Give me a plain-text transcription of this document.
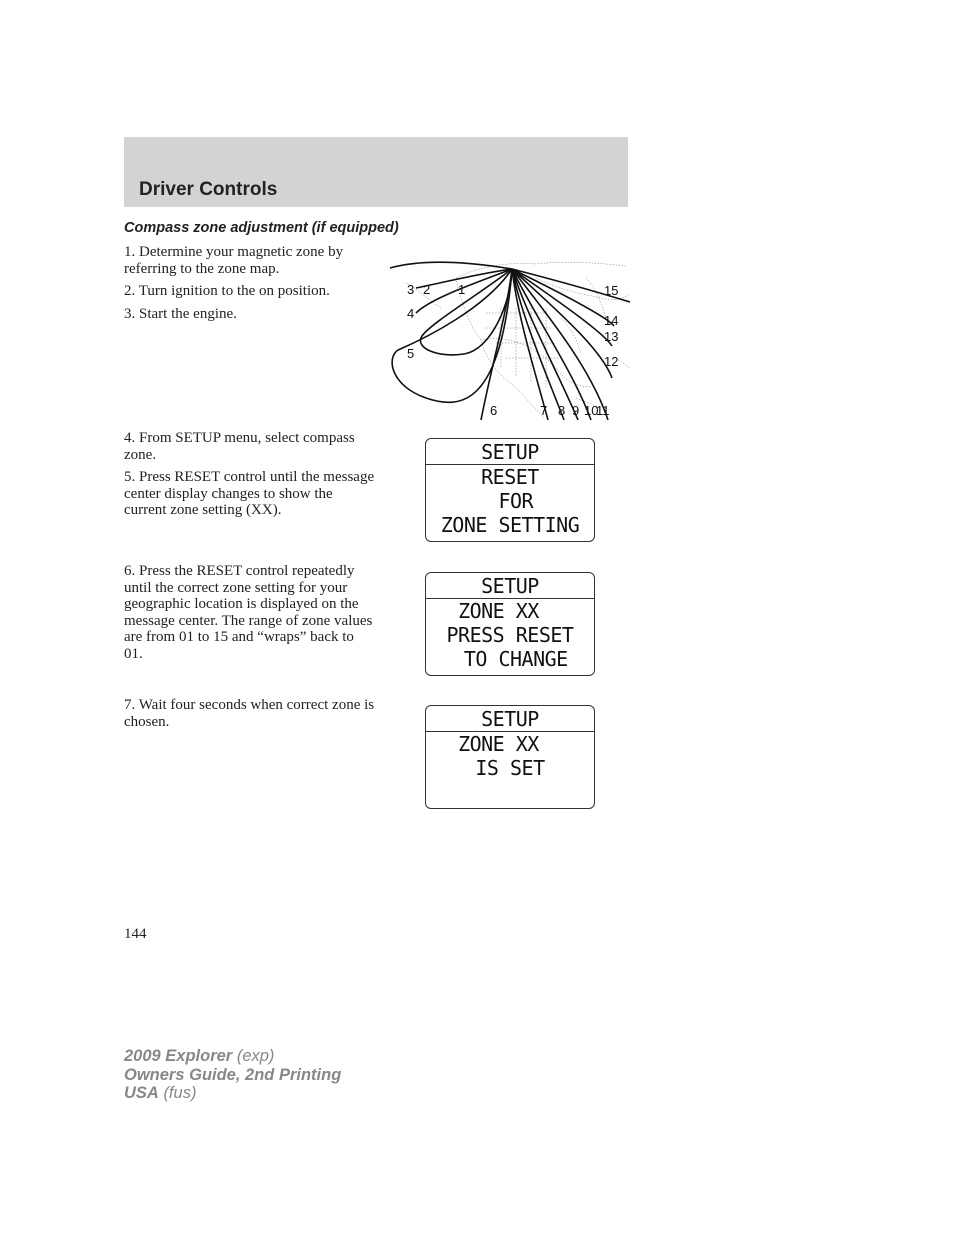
Driver Controls
Compass zone adjustment (if equipped)

1. Determine your magnetic zone by referring to the zone map.

2. Turn ignition to the on position.

3. Start the engine.

1
2
3
4
5
6	7 8 9 10
11
12
13
14
15

4. From SETUP menu, select compass zone.

5. Press RESET control until the message center display changes to show the current zone setting (XX).

SETUP
RESET
FOR
ZONE SETTING

6. Press the RESET control repeatedly until the correct zone setting for your geographic location is displayed on the message center. The range of zone values are from 01 to 15 and “wraps” back to 01.

SETUP
ZONE XX
PRESS RESET
TO CHANGE

7. Wait four seconds when correct zone is chosen.	SETUP
ZONE XX
IS SET
144
2009 Explorer (exp)
Owners Guide, 2nd Printing
USA (fus)
